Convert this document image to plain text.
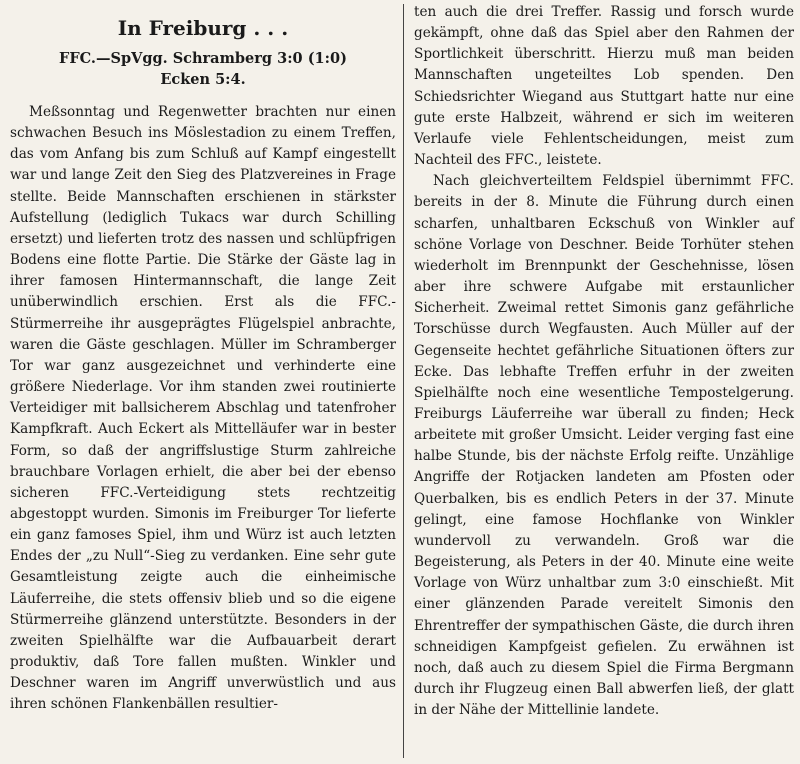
In Freiburg . . .
FFC.—SpVgg. Schramberg 3:0 (1:0)
Ecken 5:4.

Meßsonntag und Regenwetter brachten nur einen schwachen Besuch ins Möslestadion zu einem Treffen, das vom Anfang bis zum Schluß auf Kampf eingestellt war und lange Zeit den Sieg des Platzvereines in Frage stellte. Beide Mannschaften erschienen in stärkster Aufstellung (lediglich Tukacs war durch Schilling ersetzt) und lieferten trotz des nassen und schlüpfrigen Bodens eine flotte Partie. Die Stärke der Gäste lag in ihrer famosen Hintermannschaft, die lange Zeit unüberwindlich erschien. Erst als die FFC.-Stürmerreihe ihr ausgeprägtes Flügelspiel anbrachte, waren die Gäste geschlagen. Müller im Schramberger Tor war ganz ausgezeichnet und verhinderte eine größere Niederlage. Vor ihm standen zwei routinierte Verteidiger mit ballsicherem Abschlag und tatenfroher Kampfkraft. Auch Eckert als Mittelläufer war in bester Form, so daß der angriffslustige Sturm zahlreiche brauchbare Vorlagen erhielt, die aber bei der ebenso sicheren FFC.-Verteidigung stets rechtzeitig abgestoppt wurden. Simonis im Freiburger Tor lieferte ein ganz famoses Spiel, ihm und Würz ist auch letzten Endes der „zu Null“-Sieg zu verdanken. Eine sehr gute Gesamtleistung zeigte auch die einheimische Läuferreihe, die stets offensiv blieb und so die eigene Stürmerreihe glänzend unterstützte. Besonders in der zweiten Spielhälfte war die Aufbauarbeit derart produktiv, daß Tore fallen mußten. Winkler und Deschner waren im Angriff unverwüstlich und aus ihren schönen Flankenbällen resultier-

ten auch die drei Treffer. Rassig und forsch wurde gekämpft, ohne daß das Spiel aber den Rahmen der Sportlichkeit überschritt. Hierzu muß man beiden Mannschaften ungeteiltes Lob spenden. Den Schiedsrichter Wiegand aus Stuttgart hatte nur eine gute erste Halbzeit, während er sich im weiteren Verlaufe viele Fehlentscheidungen, meist zum Nachteil des FFC., leistete.

Nach gleichverteiltem Feldspiel übernimmt FFC. bereits in der 8. Minute die Führung durch einen scharfen, unhaltbaren Eckschuß von Winkler auf schöne Vorlage von Deschner. Beide Torhüter stehen wiederholt im Brennpunkt der Geschehnisse, lösen aber ihre schwere Aufgabe mit erstaunlicher Sicherheit. Zweimal rettet Simonis ganz gefährliche Torschüsse durch Wegfausten. Auch Müller auf der Gegenseite hechtet gefährliche Situationen öfters zur Ecke. Das lebhafte Treffen erfuhr in der zweiten Spielhälfte noch eine wesentliche Tempostelgerung. Freiburgs Läuferreihe war überall zu finden; Heck arbeitete mit großer Umsicht. Leider verging fast eine halbe Stunde, bis der nächste Erfolg reifte. Unzählige Angriffe der Rotjacken landeten am Pfosten oder Querbalken, bis es endlich Peters in der 37. Minute gelingt, eine famose Hochflanke von Winkler wundervoll zu verwandeln. Groß war die Begeisterung, als Peters in der 40. Minute eine weite Vorlage von Würz unhaltbar zum 3:0 einschießt. Mit einer glänzenden Parade vereitelt Simonis den Ehrentreffer der sympathischen Gäste, die durch ihren schneidigen Kampfgeist gefielen. Zu erwähnen ist noch, daß auch zu diesem Spiel die Firma Bergmann durch ihr Flugzeug einen Ball abwerfen ließ, der glatt in der Nähe der Mittellinie landete.
